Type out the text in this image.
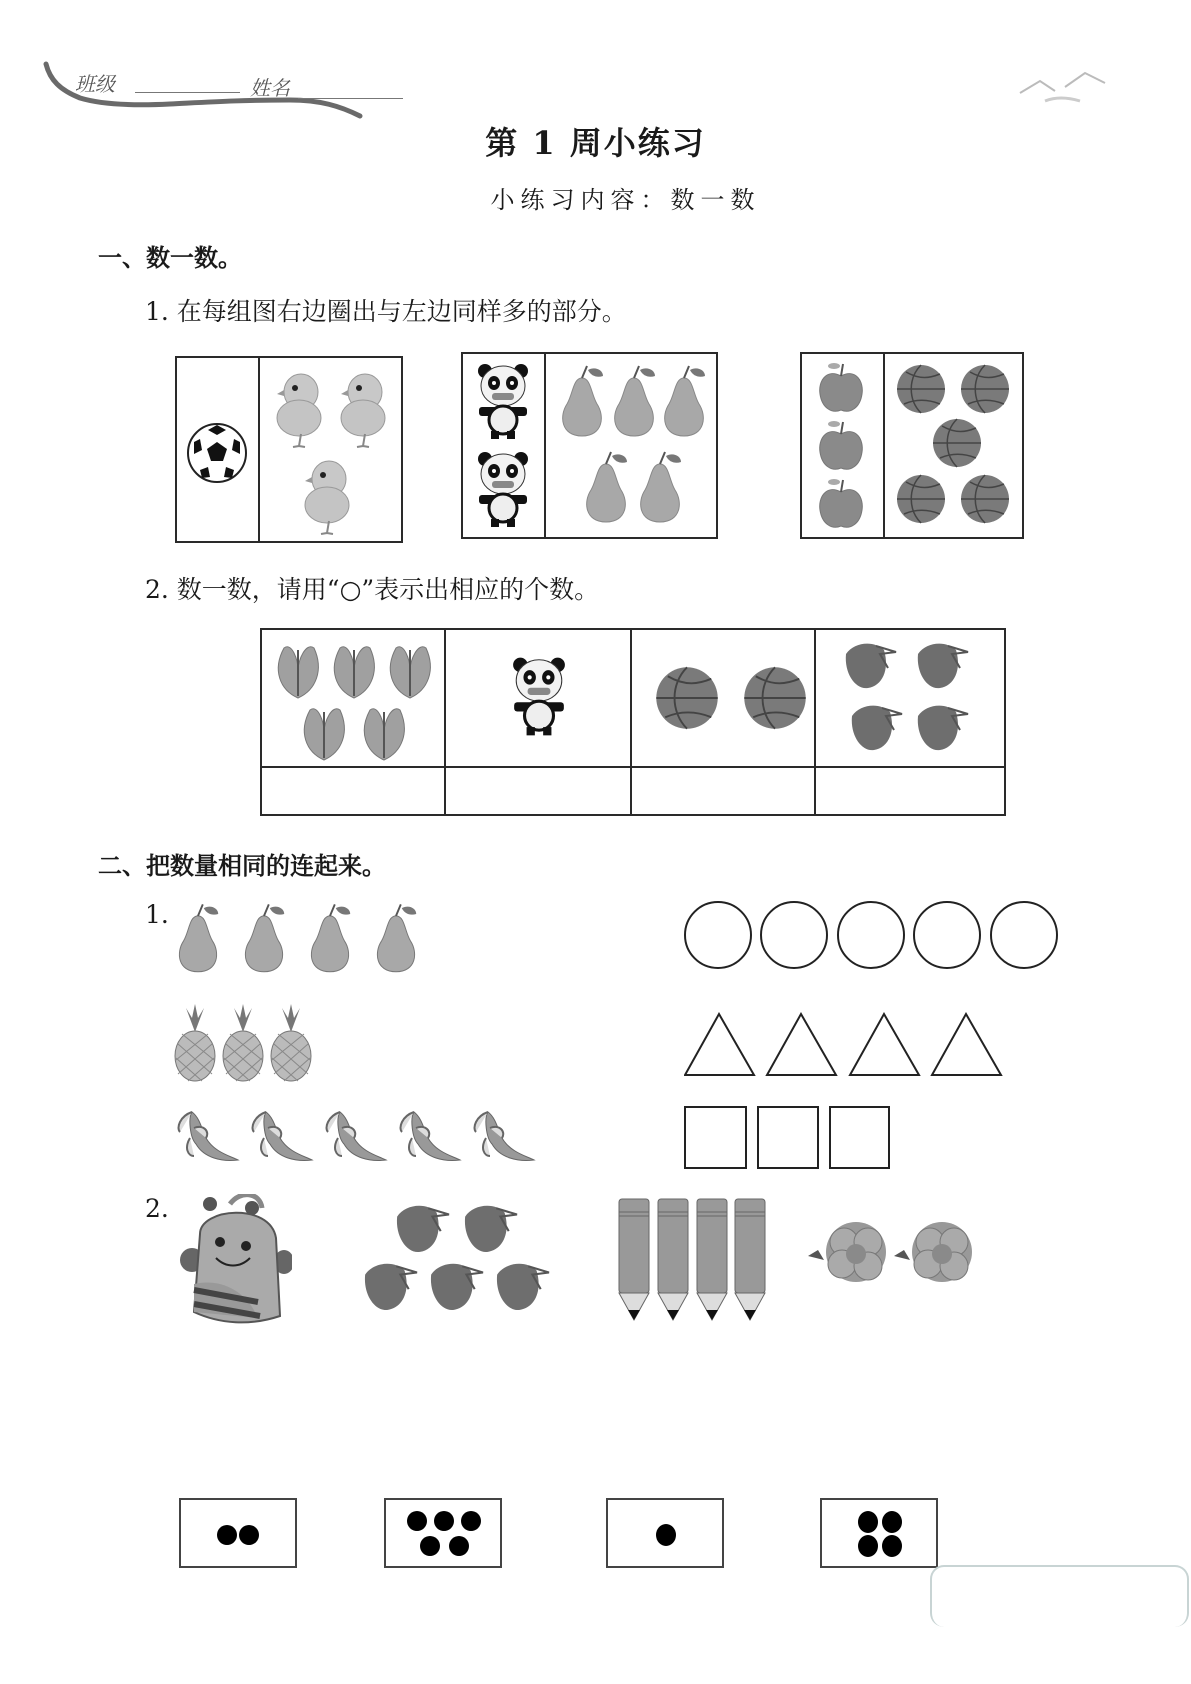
班级	姓名
第 1 周小练习
小练习内容：数一数
一、数一数。
1. 在每组图右边圈出与左边同样多的部分。
2. 数一数，请用“○”表示出相应的个数。
二、把数量相同的连起来。
1.
2.
